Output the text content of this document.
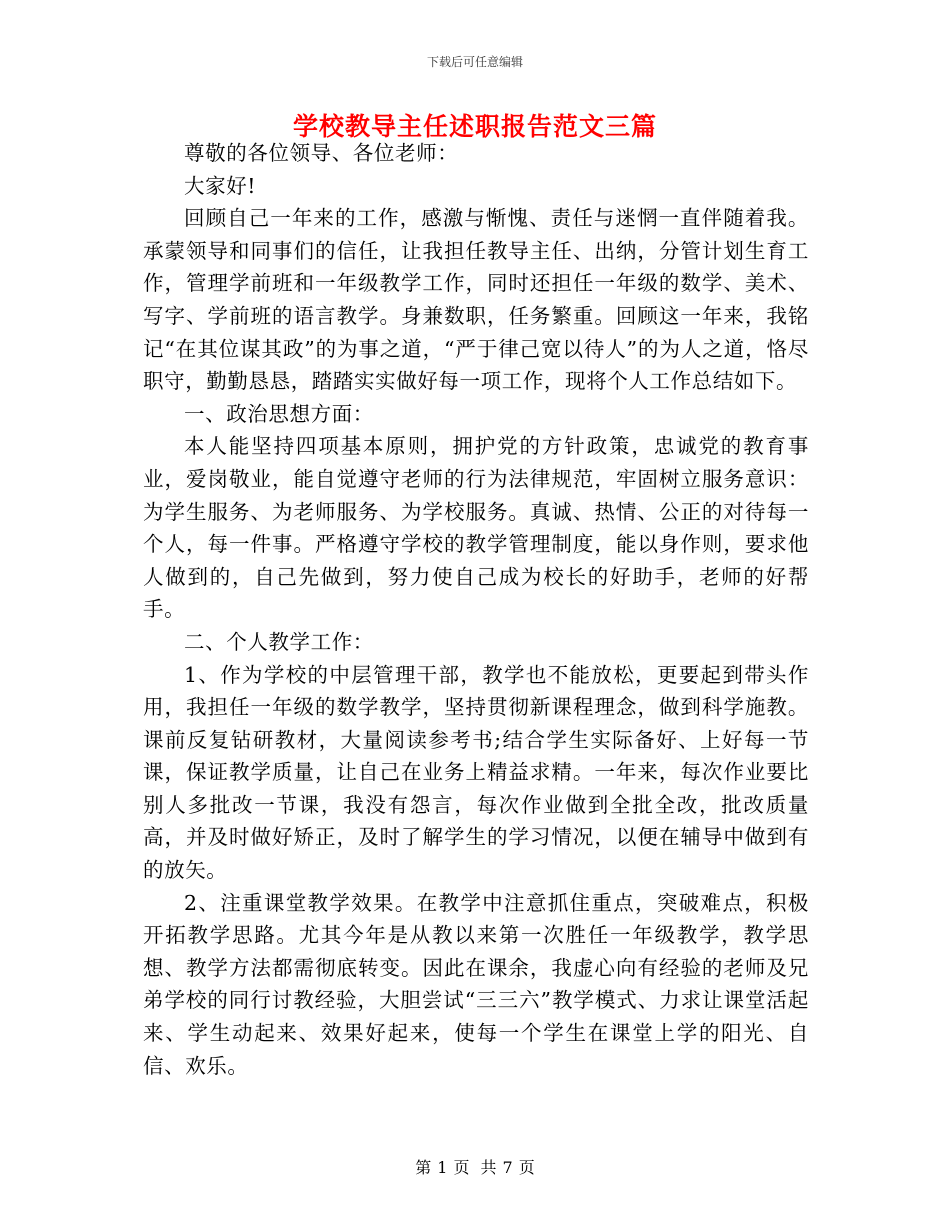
下载后可任意编辑
学校教导主任述职报告范文三篇

尊敬的各位领导、各位老师：

大家好!

回顾自己一年来的工作，感激与惭愧、责任与迷惘一直伴随着我。承蒙领导和同事们的信任，让我担任教导主任、出纳，分管计划生育工作，管理学前班和一年级教学工作，同时还担任一年级的数学、美术、写字、学前班的语言教学。身兼数职，任务繁重。回顾这一年来，我铭记“在其位谋其政”的为事之道，“严于律己宽以待人”的为人之道，恪尽职守，勤勤恳恳，踏踏实实做好每一项工作，现将个人工作总结如下。

一、政治思想方面：

本人能坚持四项基本原则，拥护党的方针政策，忠诚党的教育事业，爱岗敬业，能自觉遵守老师的行为法律规范，牢固树立服务意识：为学生服务、为老师服务、为学校服务。真诚、热情、公正的对待每一个人，每一件事。严格遵守学校的教学管理制度，能以身作则，要求他人做到的，自己先做到，努力使自己成为校长的好助手，老师的好帮手。

二、个人教学工作：

1、作为学校的中层管理干部，教学也不能放松，更要起到带头作用，我担任一年级的数学教学，坚持贯彻新课程理念，做到科学施教。课前反复钻研教材，大量阅读参考书;结合学生实际备好、上好每一节课，保证教学质量，让自己在业务上精益求精。一年来，每次作业要比别人多批改一节课，我没有怨言，每次作业做到全批全改，批改质量高，并及时做好矫正，及时了解学生的学习情况，以便在辅导中做到有的放矢。

2、注重课堂教学效果。在教学中注意抓住重点，突破难点，积极开拓教学思路。尤其今年是从教以来第一次胜任一年级教学，教学思想、教学方法都需彻底转变。因此在课余，我虚心向有经验的老师及兄弟学校的同行讨教经验，大胆尝试“三三六”教学模式、力求让课堂活起来、学生动起来、效果好起来，使每一个学生在课堂上学的阳光、自信、欢乐。

第 1 页 共 7 页
